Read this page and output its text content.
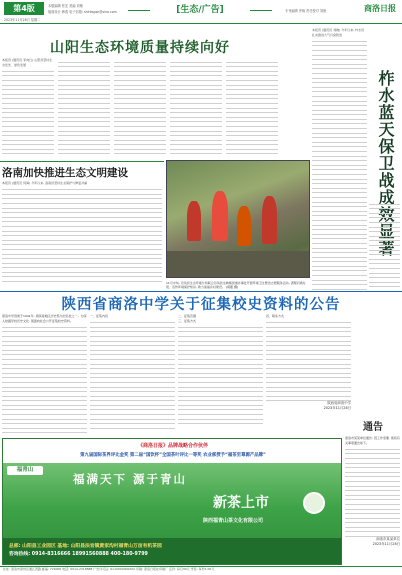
第4版
2023年11月28日 星期二
本版编辑 张宏 美编 刘敏
版面设计 韩燕 电子信箱: shlrbsgsh@sina.com	[生态/广告]	专刊编辑 齐焕 责任校对 刘艳	商洛日报
山阳生态环境质量持续向好
本报讯 (通讯员 李向红) 山阳县坚持生态优先、绿色发展
本报讯 (通讯员 刘晓) 今年以来, 柞水县扎实推进大气污染防治
柞水蓝天保卫战成效显著
洛南加快推进生态文明建设
本报讯 (通讯员 何海) 今年以来, 洛南县坚持生态保护与修复并重
11月中旬, 丹凤县生态环境分局联合丹凤县龙驹寨街道办事处开展环境卫生整治志愿服务活动, 清理河道垃圾、宣传环境保护知识, 助力美丽乡村建设。 (胡瑾 摄)
陕西省商洛中学关于征集校史资料的公告
商洛中学创建于1941年, 是陕南地区历史悠久的名校之一。为深入挖掘学校历史文化, 现面向社会公开征集校史资料。
一、征集内容	二、征集范围
三、征集方式
四、联系方式
陕西省商洛中学
2023年11月28日
通告
商洛市某某单位通告: 因工作需要, 现将有关事项通告如下。
商洛市某某单位
2023年11月28日
《商洛日报》品牌战略合作伙伴
第九届国际茶界评比金奖 第二届“国饮杯”全国茶叶评比一等奖 农业部授予“福茶至尊源产品牌”
福青山
福满天下 源于青山
新茶上市
陕西福青山茶文化有限公司
总部: 山阳县工业园区 基地: 山阳县法官镇黄家沟村福青山万亩有机茶园
咨询热线: 0914-8316666 18991560888 400-180-9799
社址: 商洛市商州区通江西路 邮编: 726000 电话: 0914-2318888 广告许可证: 6110004000002 印刷: 商洛日报社印刷厂 定价: 每月30元 零售: 每份1.00元
